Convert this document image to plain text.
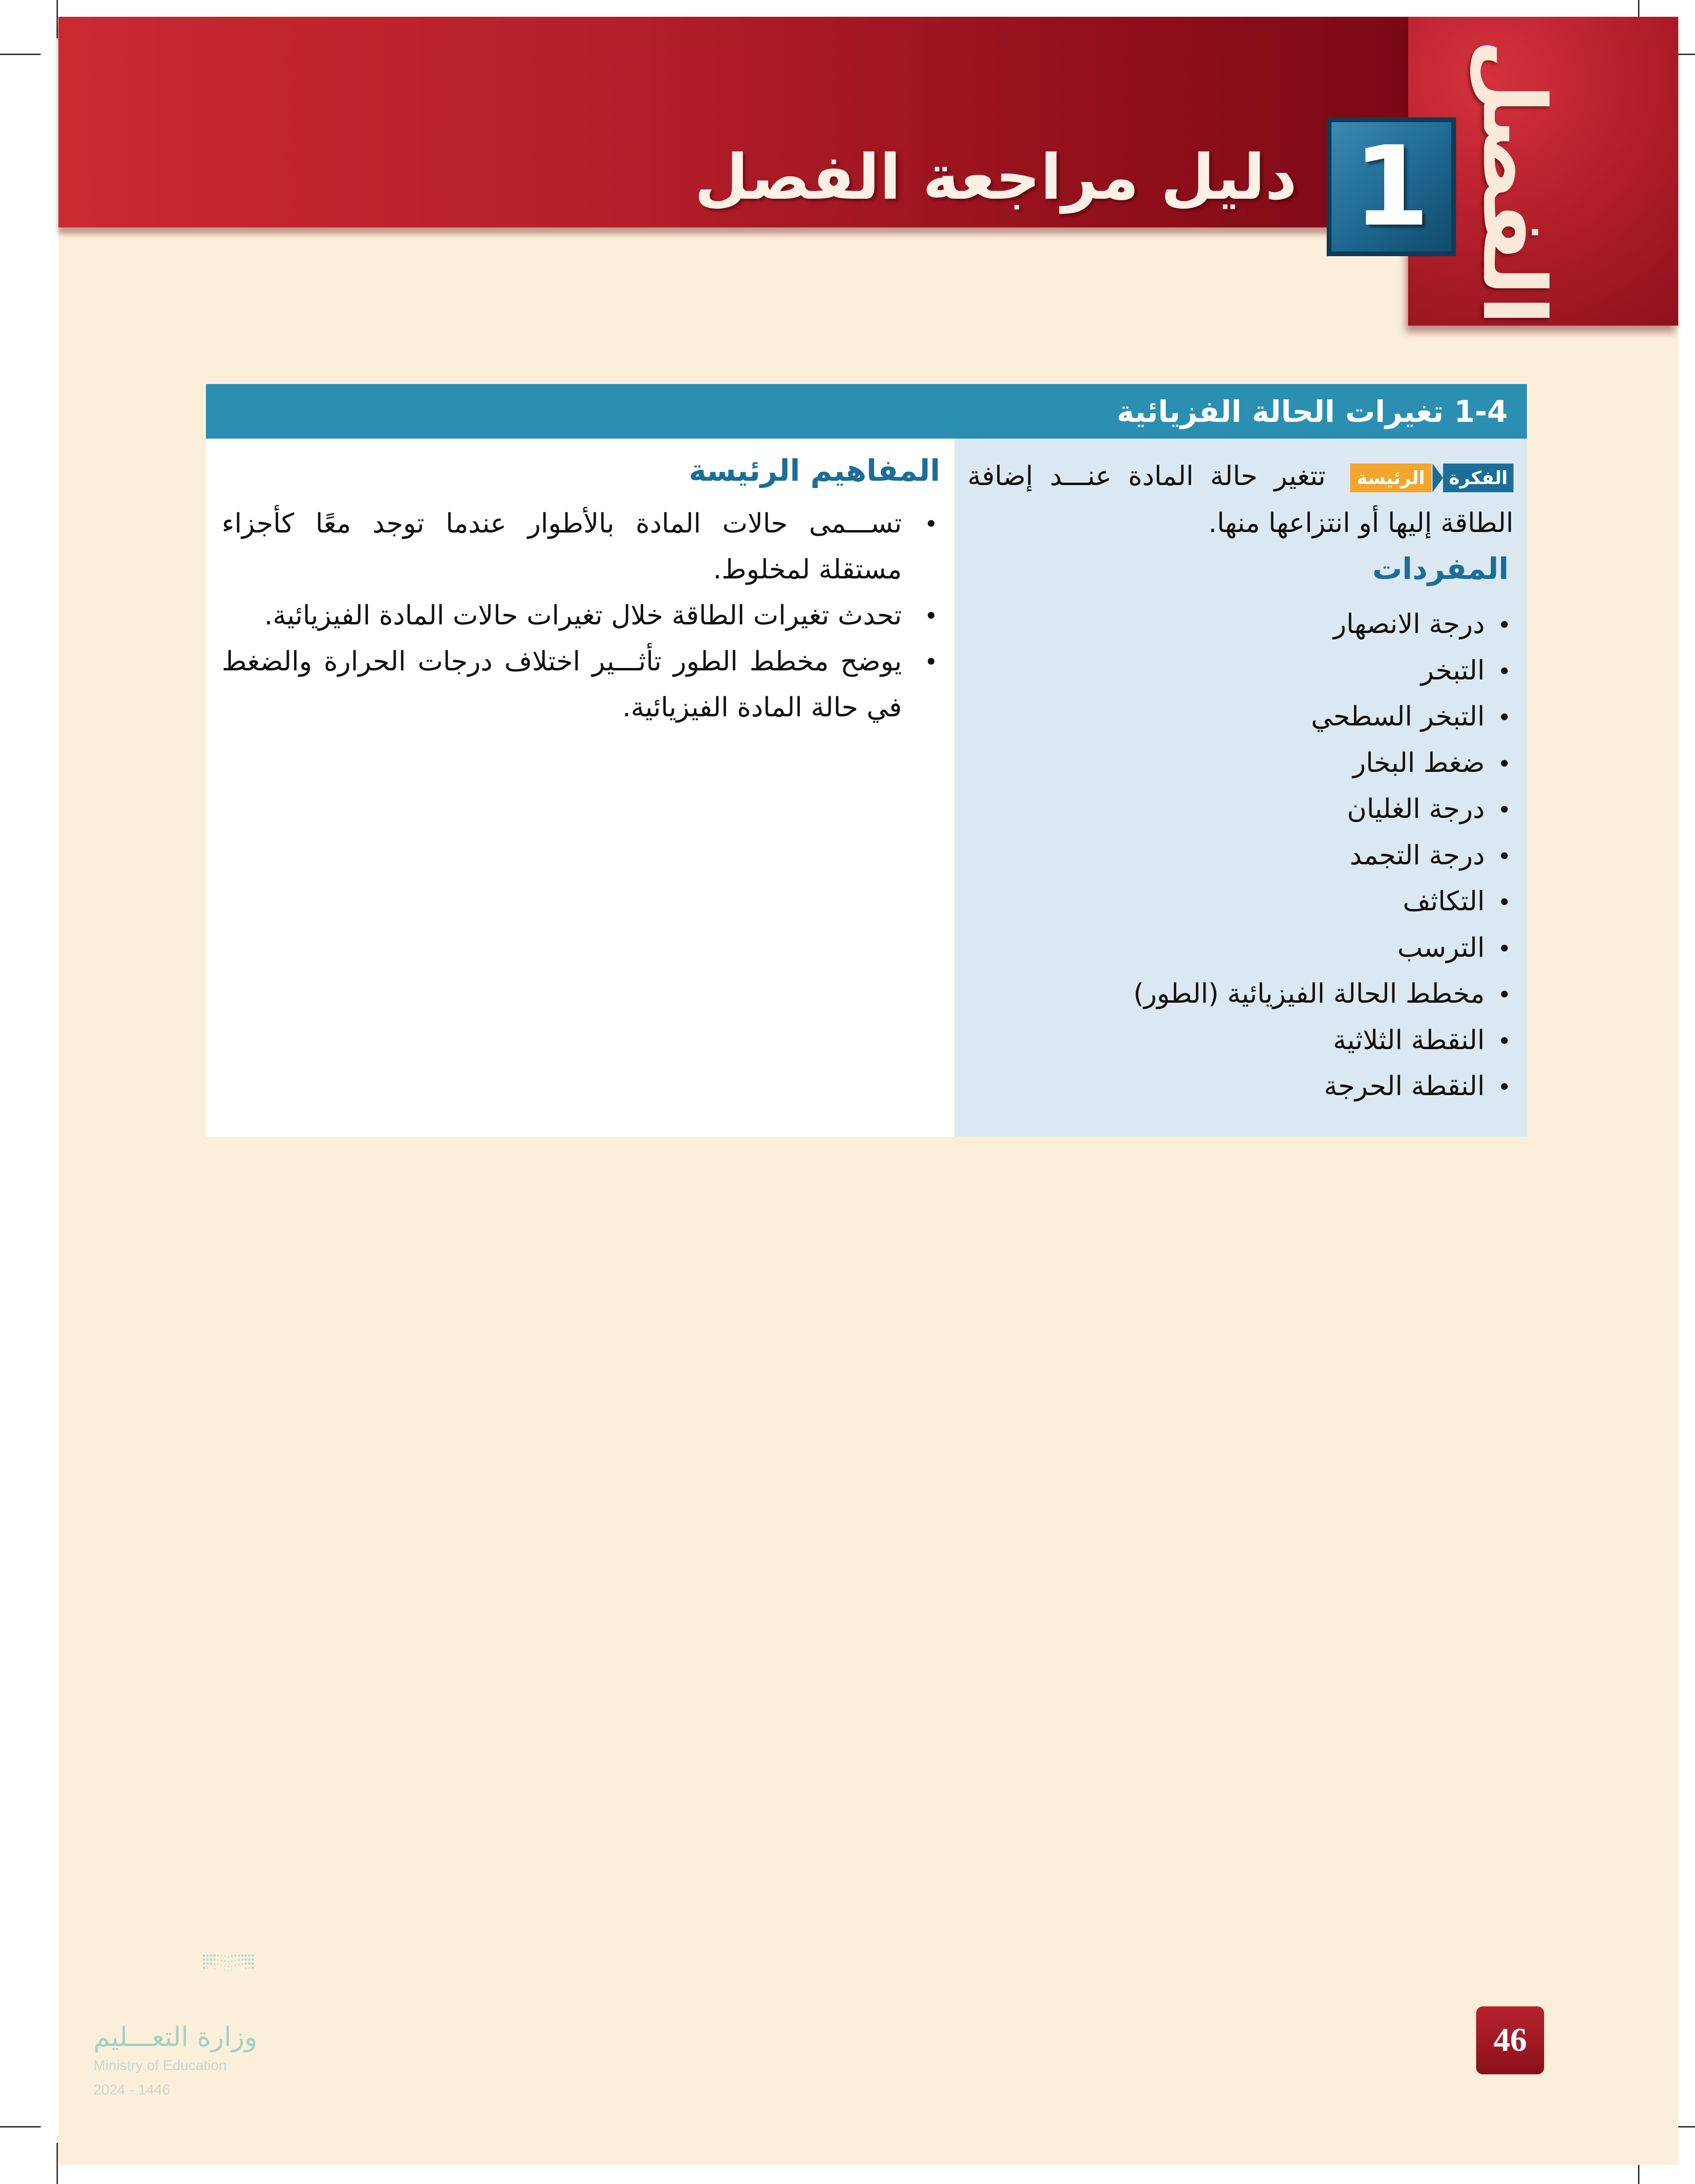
الفصل
1
دليل مراجعة الفصل
1-4 تغيرات الحالة الفزيائية
الفكرة
الرئيسة
تتغير حالة المادة عنـــد إضافة الطاقة إليها أو انتزاعها منها.
المفردات
درجة الانصهار
التبخر
التبخر السطحي
ضغط البخار
درجة الغليان
درجة التجمد
التكاثف
الترسب
مخطط الحالة الفيزيائية (الطور)
النقطة الثلاثية
النقطة الحرجة
المفاهيم الرئيسة
تســـمى حالات المادة بالأطوار عندما توجد معًا كأجزاء مستقلة لمخلوط.
تحدث تغيرات الطاقة خلال تغيرات حالات المادة الفيزيائية.
يوضح مخطط الطور تأثـــير اختلاف درجات الحرارة والضغط في حالة المادة الفيزيائية.
وزارة التعـــليم
Ministry of Education
2024 - 1446
46
